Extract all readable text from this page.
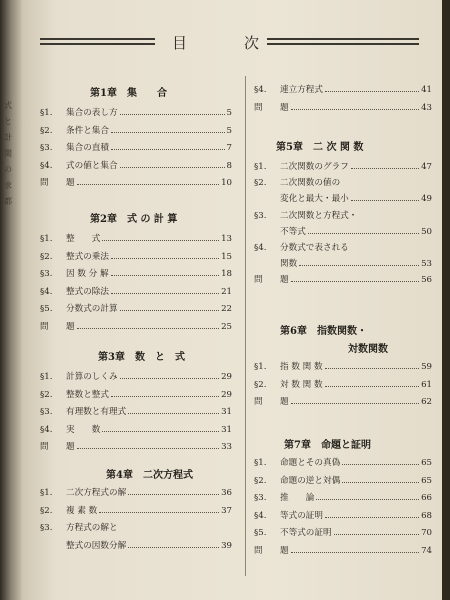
式
と
計
関
の
求
都
目	次
第1章　集　　合
§1.	集合の表し方	5
§2.	条件と集合	5
§3.	集合の直積	7
§4.	式の値と集合	8
問	題	10
第2章　式 の 計 算
§1.	整　　式	13
§2.	整式の乗法	15
§3.	因 数 分 解	18
§4.	整式の除法	21
§5.	分数式の計算	22
問	題	25
第3章　数　と　式
§1.	計算のしくみ	29
§2.	整数と整式	29
§3.	有理数と有理式	31
§4.	実　　数	31
問	題	33
第4章　二次方程式
§1.	二次方程式の解	36
§2.	複 素 数	37
§3.	方程式の解と
整式の因数分解	39
§4.	連立方程式	41
問	題	43
第5章　二 次 関 数
§1.	二次関数のグラフ	47
§2.	二次関数の値の
変化と最大・最小	49
§3.	二次関数と方程式・
不等式	50
§4.	分数式で表される
関数	53
問	題	56
第6章　指数関数・
対数関数
§1.	指 数 関 数	59
§2.	対 数 関 数	61
問	題	62
第7章　命題と証明
§1.	命題とその真偽	65
§2.	命題の逆と対偶	65
§3.	推　　論	66
§4.	等式の証明	68
§5.	不等式の証明	70
問	題	74
